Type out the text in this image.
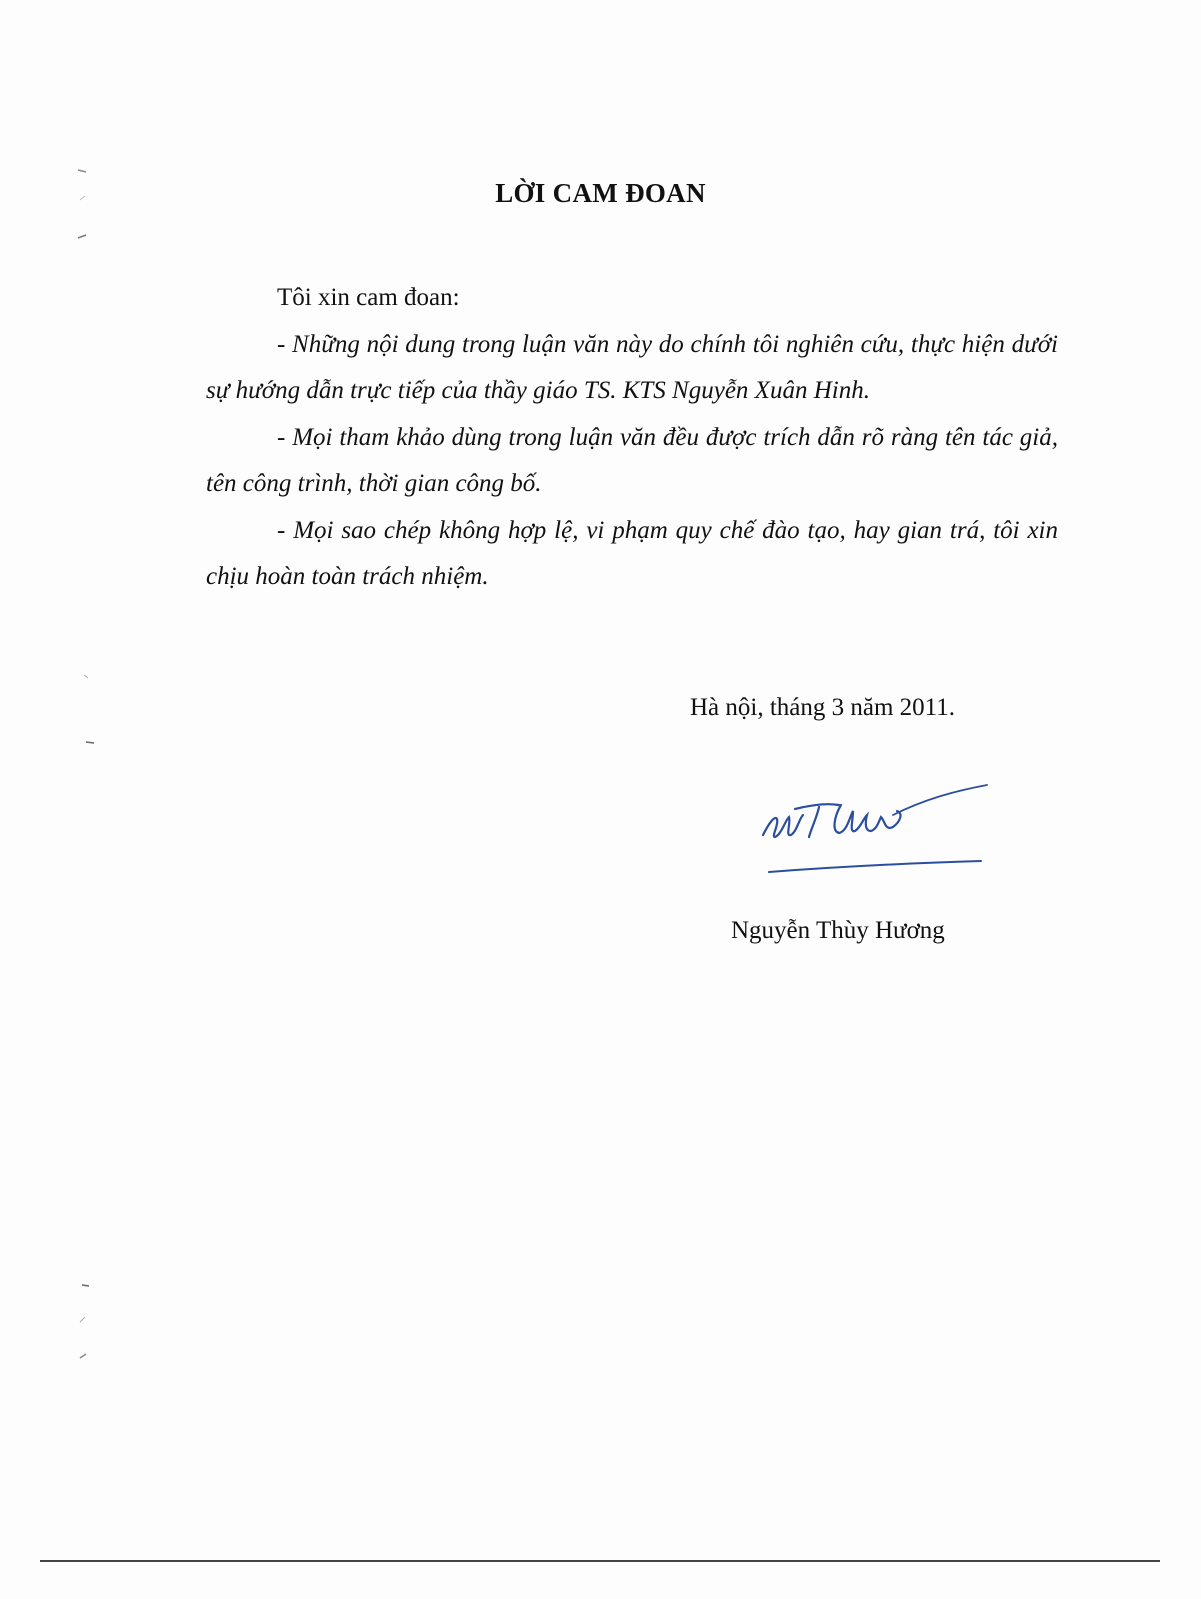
LỜI CAM ĐOAN
Tôi xin cam đoan:
- Những nội dung trong luận văn này do chính tôi nghiên cứu, thực hiện dưới sự hướng dẫn trực tiếp của thầy giáo TS. KTS Nguyễn Xuân Hinh.
- Mọi tham khảo dùng trong luận văn đều được trích dẫn rõ ràng tên tác giả, tên công trình, thời gian công bố.
- Mọi sao chép không hợp lệ, vi phạm quy chế đào tạo, hay gian trá, tôi xin chịu hoàn toàn trách nhiệm.
Hà nội, tháng 3 năm 2011.
Nguyễn Thùy Hương
